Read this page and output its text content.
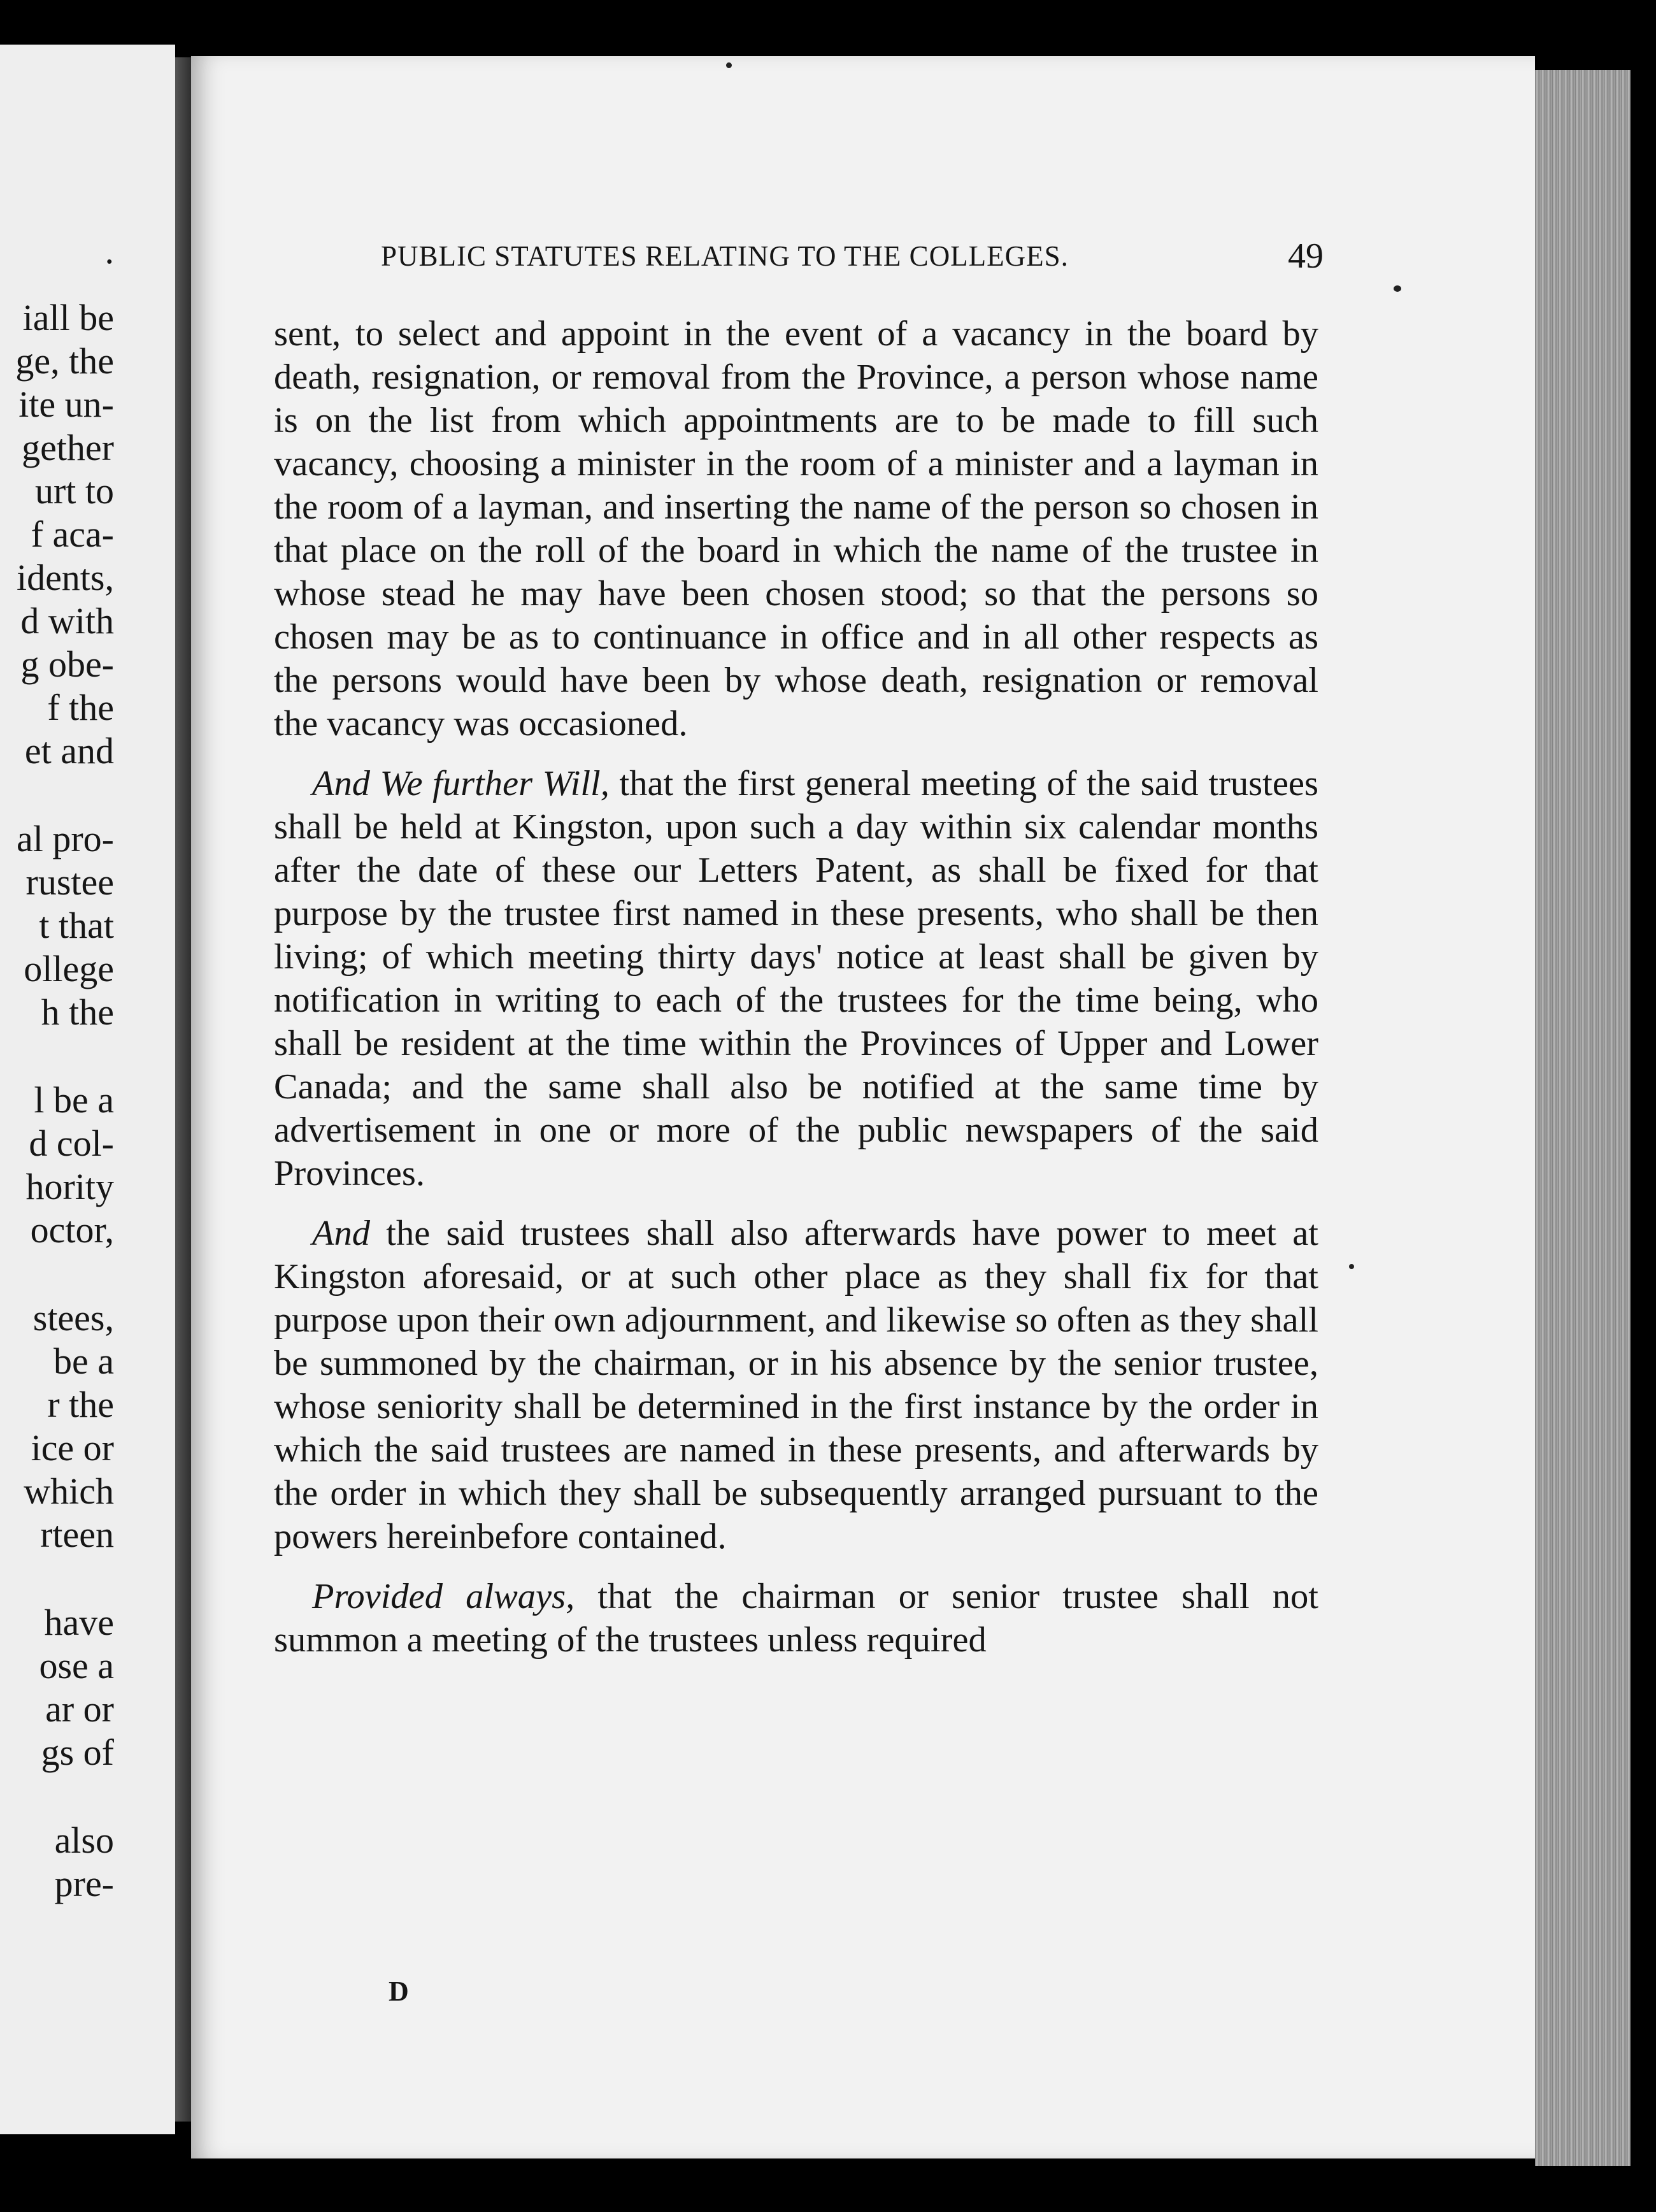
.
iall be
ge, the
ite un-
gether
urt to
f aca-
idents,
d with
g obe-
f the
et and
al pro-
rustee
t that
ollege
h the
l be a
d col-
hority
octor,
stees,
be a
r the
ice or
which
rteen
have
ose a
ar or
gs of
also
pre-
PUBLIC STATUTES RELATING TO THE COLLEGES.	49

sent, to select and appoint in the event of a vacancy in the board by death, resignation, or removal from the Province, a person whose name is on the list from which appointments are to be made to fill such vacancy, choosing a minister in the room of a minister and a layman in the room of a layman, and inserting the name of the person so chosen in that place on the roll of the board in which the name of the trustee in whose stead he may have been chosen stood; so that the persons so chosen may be as to continuance in office and in all other respects as the persons would have been by whose death, resignation or removal the vacancy was occasioned.

And We further Will, that the first general meeting of the said trustees shall be held at Kingston, upon such a day within six calendar months after the date of these our Letters Patent, as shall be fixed for that purpose by the trustee first named in these presents, who shall be then living; of which meeting thirty days' notice at least shall be given by notification in writing to each of the trustees for the time being, who shall be resident at the time within the Provinces of Upper and Lower Canada; and the same shall also be notified at the same time by advertisement in one or more of the public newspapers of the said Provinces.

And the said trustees shall also afterwards have power to meet at Kingston aforesaid, or at such other place as they shall fix for that purpose upon their own adjournment, and likewise so often as they shall be summoned by the chairman, or in his absence by the senior trustee, whose seniority shall be determined in the first instance by the order in which the said trustees are named in these presents, and afterwards by the order in which they shall be subsequently arranged pursuant to the powers hereinbefore contained.

Provided always, that the chairman or senior trustee shall not summon a meeting of the trustees unless required

D
